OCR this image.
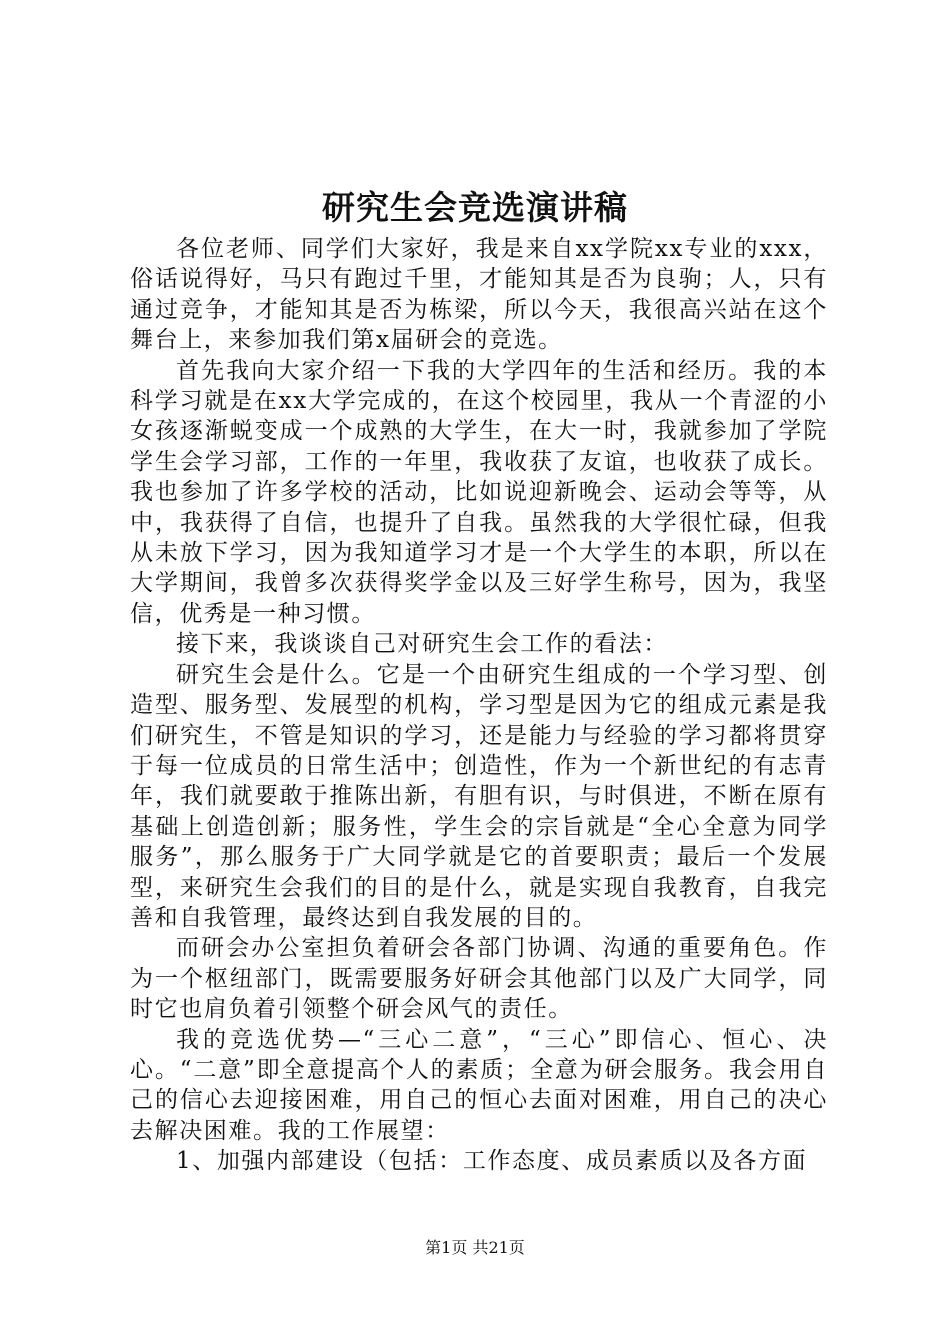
研究生会竞选演讲稿

各位老师、同学们大家好，我是来自xx学院xx专业的xxx，俗话说得好，马只有跑过千里，才能知其是否为良驹；人，只有通过竞争，才能知其是否为栋梁，所以今天，我很高兴站在这个舞台上，来参加我们第x届研会的竞选。

首先我向大家介绍一下我的大学四年的生活和经历。我的本科学习就是在xx大学完成的，在这个校园里，我从一个青涩的小女孩逐渐蜕变成一个成熟的大学生，在大一时，我就参加了学院学生会学习部，工作的一年里，我收获了友谊，也收获了成长。我也参加了许多学校的活动，比如说迎新晚会、运动会等等，从中，我获得了自信，也提升了自我。虽然我的大学很忙碌，但我从未放下学习，因为我知道学习才是一个大学生的本职，所以在大学期间，我曾多次获得奖学金以及三好学生称号，因为，我坚信，优秀是一种习惯。

接下来，我谈谈自己对研究生会工作的看法：

研究生会是什么。它是一个由研究生组成的一个学习型、创造型、服务型、发展型的机构，学习型是因为它的组成元素是我们研究生，不管是知识的学习，还是能力与经验的学习都将贯穿于每一位成员的日常生活中；创造性，作为一个新世纪的有志青年，我们就要敢于推陈出新，有胆有识，与时俱进，不断在原有基础上创造创新；服务性，学生会的宗旨就是“全心全意为同学服务”，那么服务于广大同学就是它的首要职责；最后一个发展型，来研究生会我们的目的是什么，就是实现自我教育，自我完善和自我管理，最终达到自我发展的目的。

而研会办公室担负着研会各部门协调、沟通的重要角色。作为一个枢纽部门，既需要服务好研会其他部门以及广大同学，同时它也肩负着引领整个研会风气的责任。

我的竞选优势—“三心二意”，“三心”即信心、恒心、决心。“二意”即全意提高个人的素质；全意为研会服务。我会用自己的信心去迎接困难，用自己的恒心去面对困难，用自己的决心去解决困难。我的工作展望：

1、加强内部建设（包括：工作态度、成员素质以及各方面

第1页 共21页
